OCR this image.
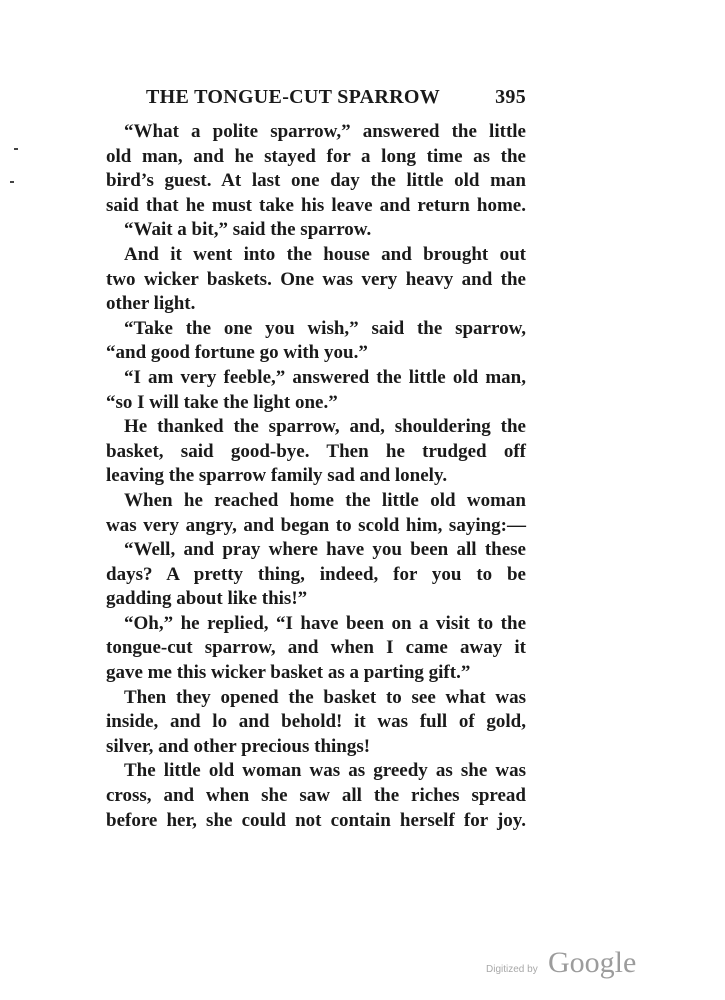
THE TONGUE-CUT SPARROW	395
“What a polite sparrow,” answered the little
old man, and he stayed for a long time as the
bird’s guest. At last one day the little old man
said that he must take his leave and return home.
“Wait a bit,” said the sparrow.
And it went into the house and brought out
two wicker baskets. One was very heavy and the
other light.
“Take the one you wish,” said the sparrow,
“and good fortune go with you.”
“I am very feeble,” answered the little old man,
“so I will take the light one.”
He thanked the sparrow, and, shouldering the
basket, said good-bye. Then he trudged off
leaving the sparrow family sad and lonely.
When he reached home the little old woman
was very angry, and began to scold him, saying:—
“Well, and pray where have you been all these
days? A pretty thing, indeed, for you to be
gadding about like this!”
“Oh,” he replied, “I have been on a visit to the
tongue-cut sparrow, and when I came away it
gave me this wicker basket as a parting gift.”
Then they opened the basket to see what was
inside, and lo and behold! it was full of gold,
silver, and other precious things!
The little old woman was as greedy as she was
cross, and when she saw all the riches spread
before her, she could not contain herself for joy.
Digitized by Google
